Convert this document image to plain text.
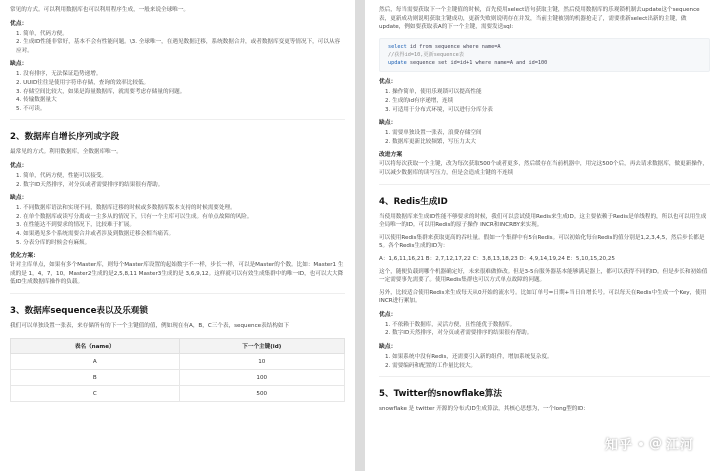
常见的方式。可以利用数据库也可以利用程序生成，一般来说全球唯一。

优点：
1. 简单，代码方便。
2. 生成ID性能非常好，基本不会有性能问题。\3. 全球唯一，在遇见数据迁移，系统数据合并，或者数据库变更等情况下，可以从容应对。
缺点：
1. 没有排序，无法保证趋势递增。
2. UUID往往是使用字符串存储，查询的效率比较低。
3. 存储空间比较大，如果是海量数据库，就需要考虑存储量的问题。
4. 传输数据量大
5. 不可读。
2、数据库自增长序列或字段

最常见的方式。利用数据库，全数据库唯一。

优点：
1. 简单，代码方便，性能可以接受。
2. 数字ID天然排序，对分页或者需要排序的结果很有帮助。
缺点：
1. 不同数据库语法和实现不同，数据库迁移的时候或多数据库版本支持的时候需要处理。
2. 在单个数据库或读写分离或一主多从的情况下，只有一个主库可以生成。有单点故障的风险。
3. 在性能达不到要求的情况下，比较难于扩展。
4. 如果遇见多个系统需要合并或者涉及到数据迁移会相当痛苦。
5. 分表分库的时候会有麻烦。
优化方案：

针对主库单点，如果有多个Master库，则每个Master库设置的起始数字不一样，步长一样，可以是Master的个数。比如：Master1 生成的是 1，4，7，10，Master2生成的是2,5,8,11 Master3生成的是 3,6,9,12。这样就可以有效生成集群中的唯一ID，也可以大大降低ID生成数据库操作的负载。

3、数据库sequence表以及乐观锁

我们可以单独设置一张表，来存储所有的下一个主键值的值，例如现在有A，B，C三个表，sequence表结构如下

表名（name）	下一个主键(id)
A	10
B	100
C	500

然后，每当需要获取下一个主键值的时候，首先使用select语句获取主键，然后使用数据库的乐观锁机制去update这个sequence表，更新成功则说明获取主键成功，更新失败则说明存在并发，当前主键被别的机器抢走了，需要重新select出新的主键，做update，例如要获取表A的下一个主键，需要发送sql:

select id from sequence where name=A
//获得id=10,更新sequence表
update sequence set id=id+1 where name=A and id=100
优点：
1. 操作简单，使用乐观锁可以提高性能
2. 生成的id有序递增，连续
3. 可适用于分布式环境，可以进行分库分表
缺点：
1. 需要单独设置一张表，浪费存储空间
2. 数据库更新比较频繁，写压力太大
改进方案

可以将每次获取一个主键，改为每次获取500个或者更多，然后缓存在当前机器中，用完这500个后，再去请求数据库，做更新操作，可以减少数据库的读写压力，但是会造成主键的不连续

4、Redis生成ID

当使用数据库来生成ID性能不够要求的时候，我们可以尝试使用Redis来生成ID。这主要依赖于Redis是单线程的，所以也可以用生成全局唯一的ID。可以用Redis的原子操作 INCR和INCRBY来实现。

可以使用Redis集群来获取更高的吞吐量。假如一个集群中有5台Redis。可以初始化每台Redis的值分别是1,2,3,4,5，然后步长都是5。各个Redis生成的ID为：

A：1,6,11,16,21 B：2,7,12,17,22 C：3,8,13,18,23 D：4,9,14,19,24 E：5,10,15,20,25

这个，随便负载到哪个机器确定好，未来很难做修改。但是3-5台服务器基本能够满足器上，都可以获得不同的ID。但是步长和初始值一定需要事先需要了。使用Redis集群也可以方式单点故障的问题。

另外，比较适合使用Redis来生成每天从0开始的流水号。比如订单号=日期+当日自增长号。可以每天在Redis中生成一个Key，使用INCR进行累加。

优点：
1. 不依赖于数据库，灵活方便，且性能优于数据库。
2. 数字ID天然排序，对分页或者需要排序的结果很有帮助。
缺点：
1. 如果系统中没有Redis，还需要引入新的组件，增加系统复杂度。
2. 需要编码和配置的工作量比较大。
5、Twitter的snowflake算法

snowflake 是 twitter 开源的分布式ID生成算法，其核心思想为，一个long型的ID：

知乎 @ 江河
